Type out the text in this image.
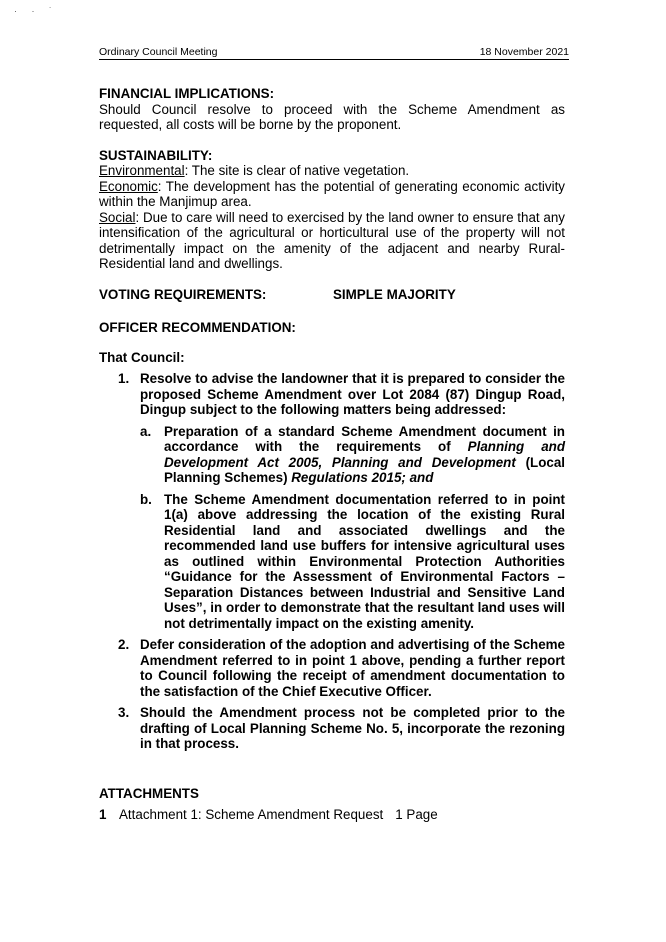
· · ˙
Ordinary Council Meeting	18 November 2021
FINANCIAL IMPLICATIONS:
Should Council resolve to proceed with the Scheme Amendment as requested, all costs will be borne by the proponent.
SUSTAINABILITY:
Environmental: The site is clear of native vegetation.
Economic: The development has the potential of generating economic activity within the Manjimup area.
Social: Due to care will need to exercised by the land owner to ensure that any intensification of the agricultural or horticultural use of the property will not detrimentally impact on the amenity of the adjacent and nearby Rural-Residential land and dwellings.
VOTING REQUIREMENTS:	SIMPLE MAJORITY
OFFICER RECOMMENDATION:
That Council:
1. Resolve to advise the landowner that it is prepared to consider the proposed Scheme Amendment over Lot 2084 (87) Dingup Road, Dingup subject to the following matters being addressed:
a. Preparation of a standard Scheme Amendment document in accordance with the requirements of Planning and Development Act 2005, Planning and Development (Local Planning Schemes) Regulations 2015; and
b. The Scheme Amendment documentation referred to in point 1(a) above addressing the location of the existing Rural Residential land and associated dwellings and the recommended land use buffers for intensive agricultural uses as outlined within Environmental Protection Authorities “Guidance for the Assessment of Environmental Factors – Separation Distances between Industrial and Sensitive Land Uses”, in order to demonstrate that the resultant land uses will not detrimentally impact on the existing amenity.
2. Defer consideration of the adoption and advertising of the Scheme Amendment referred to in point 1 above, pending a further report to Council following the receipt of amendment documentation to the satisfaction of the Chief Executive Officer.
3. Should the Amendment process not be completed prior to the drafting of Local Planning Scheme No. 5, incorporate the rezoning in that process.
ATTACHMENTS
1 Attachment 1: Scheme Amendment Request 1 Page
